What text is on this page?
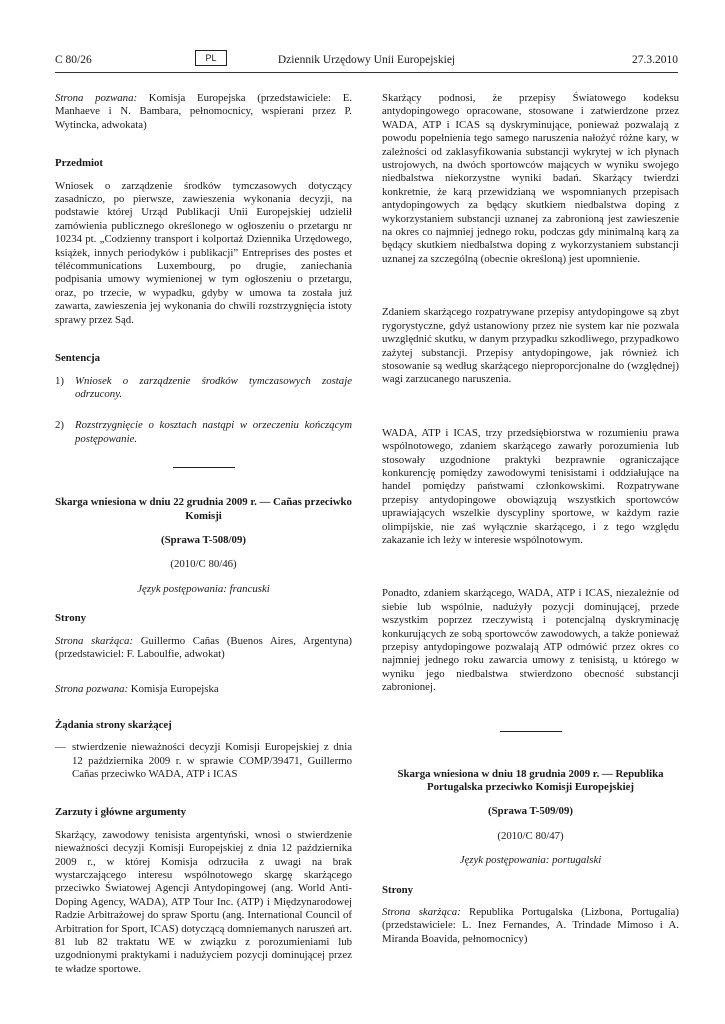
C 80/26	PL	Dziennik Urzędowy Unii Europejskiej	27.3.2010

Strona pozwana: Komisja Europejska (przedstawiciele: E. Manhaeve i N. Bambara, pełnomocnicy, wspierani przez P. Wytincka, adwokata)

Przedmiot

Wniosek o zarządzenie środków tymczasowych dotyczący zasadniczo, po pierwsze, zawieszenia wykonania decyzji, na podstawie której Urząd Publikacji Unii Europejskiej udzielił zamówienia publicznego określonego w ogłoszeniu o przetargu nr 10234 pt. „Codzienny transport i kolportaż Dziennika Urzędowego, książek, innych periodyków i publikacji” Entreprises des postes et télécommunications Luxembourg, po drugie, zaniechania podpisania umowy wymienionej w tym ogłoszeniu o przetargu, oraz, po trzecie, w wypadku, gdyby w umowa ta została już zawarta, zawieszenia jej wykonania do chwili rozstrzygnięcia istoty sprawy przez Sąd.

Sentencja

1)	Wniosek o zarządzenie środków tymczasowych zostaje odrzucony.
2)	Rozstrzygnięcie o kosztach nastąpi w orzeczeniu kończącym postępowanie.

Skarga wniesiona w dniu 22 grudnia 2009 r. — Cañas przeciwko Komisji

(Sprawa T-508/09)

(2010/C 80/46)

Język postępowania: francuski

Strony

Strona skarżąca: Guillermo Cañas (Buenos Aires, Argentyna) (przedstawiciel: F. Laboulfie, adwokat)

Strona pozwana: Komisja Europejska

Żądania strony skarżącej

— stwierdzenie nieważności decyzji Komisji Europejskiej z dnia 12 października 2009 r. w sprawie COMP/39471, Guillermo Cañas przeciwko WADA, ATP i ICAS

Zarzuty i główne argumenty

Skarżący, zawodowy tenisista argentyński, wnosi o stwierdzenie nieważności decyzji Komisji Europejskiej z dnia 12 października 2009 r., w której Komisja odrzuciła z uwagi na brak wystarczającego interesu wspólnotowego skargę skarżącego przeciwko Światowej Agencji Antydopingowej (ang. World Anti-Doping Agency, WADA), ATP Tour Inc. (ATP) i Międzynarodowej Radzie Arbitrażowej do spraw Sportu (ang. International Council of Arbitration for Sport, ICAS) dotyczącą domniemanych naruszeń art. 81 lub 82 traktatu WE w związku z porozumieniami lub uzgodnionymi praktykami i nadużyciem pozycji dominującej przez te władze sportowe.

Skarżący podnosi, że przepisy Światowego kodeksu antydopingowego opracowane, stosowane i zatwierdzone przez WADA, ATP i ICAS są dyskryminujące, ponieważ pozwalają z powodu popełnienia tego samego naruszenia nałożyć różne kary, w zależności od zaklasyfikowania substancji wykrytej w ich płynach ustrojowych, na dwóch sportowców mających w wyniku swojego niedbalstwa niekorzystne wyniki badań. Skarżący twierdzi konkretnie, że karą przewidzianą we wspomnianych przepisach antydopingowych za będący skutkiem niedbalstwa doping z wykorzystaniem substancji uznanej za zabronioną jest zawieszenie na okres co najmniej jednego roku, podczas gdy minimalną karą za będący skutkiem niedbalstwa doping z wykorzystaniem substancji uznanej za szczególną (obecnie określoną) jest upomnienie.

Zdaniem skarżącego rozpatrywane przepisy antydopingowe są zbyt rygorystyczne, gdyż ustanowiony przez nie system kar nie pozwala uwzględnić skutku, w danym przypadku szkodliwego, przypadkowo zażytej substancji. Przepisy antydopingowe, jak również ich stosowanie są według skarżącego nieproporcjonalne do (względnej) wagi zarzucanego naruszenia.

WADA, ATP i ICAS, trzy przedsiębiorstwa w rozumieniu prawa wspólnotowego, zdaniem skarżącego zawarły porozumienia lub stosowały uzgodnione praktyki bezprawnie ograniczające konkurencję pomiędzy zawodowymi tenisistami i oddziałujące na handel pomiędzy państwami członkowskimi. Rozpatrywane przepisy antydopingowe obowiązują wszystkich sportowców uprawiających wszelkie dyscypliny sportowe, w każdym razie olimpijskie, nie zaś wyłącznie skarżącego, i z tego względu zakazanie ich leży w interesie wspólnotowym.

Ponadto, zdaniem skarżącego, WADA, ATP i ICAS, niezależnie od siebie lub wspólnie, nadużyły pozycji dominującej, przede wszystkim poprzez rzeczywistą i potencjalną dyskryminację konkurujących ze sobą sportowców zawodowych, a także ponieważ przepisy antydopingowe pozwalają ATP odmówić przez okres co najmniej jednego roku zawarcia umowy z tenisistą, u którego w wyniku jego niedbalstwa stwierdzono obecność substancji zabronionej.

Skarga wniesiona w dniu 18 grudnia 2009 r. — Republika Portugalska przeciwko Komisji Europejskiej

(Sprawa T-509/09)

(2010/C 80/47)

Język postępowania: portugalski

Strony

Strona skarżąca: Republika Portugalska (Lizbona, Portugalia) (przedstawiciele: L. Inez Fernandes, A. Trindade Mimoso i A. Miranda Boavida, pełnomocnicy)
